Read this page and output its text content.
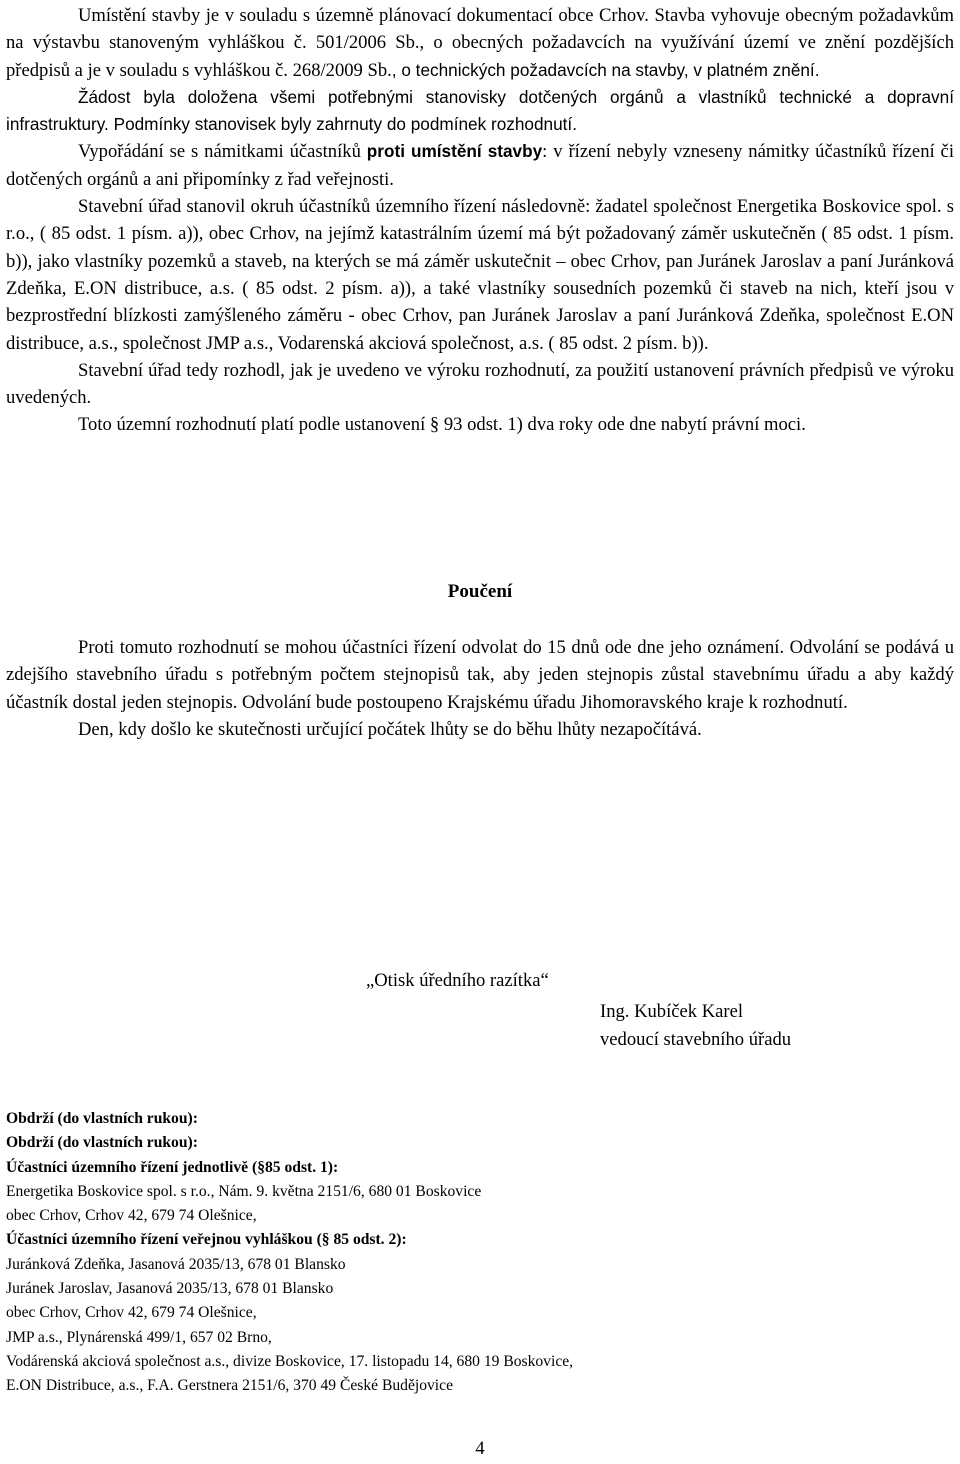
Umístění stavby je v souladu s územně plánovací dokumentací obce Crhov. Stavba vyhovuje obecným požadavkům na výstavbu stanoveným vyhláškou č. 501/2006 Sb., o obecných požadavcích na využívání území ve znění pozdějších předpisů a je v souladu s vyhláškou č. 268/2009 Sb., o technických požadavcích na stavby, v platném znění.

Žádost byla doložena všemi potřebnými stanovisky dotčených orgánů a vlastníků technické a dopravní infrastruktury. Podmínky stanovisek byly zahrnuty do podmínek rozhodnutí.

Vypořádání se s námitkami účastníků proti umístění stavby: v řízení nebyly vzneseny námitky účastníků řízení či dotčených orgánů a ani připomínky z řad veřejnosti.

Stavební úřad stanovil okruh účastníků územního řízení následovně: žadatel společnost Energetika Boskovice spol. s r.o., ( 85 odst. 1 písm. a)), obec Crhov, na jejímž katastrálním území má být požadovaný záměr uskutečněn ( 85 odst. 1 písm. b)), jako vlastníky pozemků a staveb, na kterých se má záměr uskutečnit – obec Crhov, pan Juránek Jaroslav a paní Juránková Zdeňka, E.ON distribuce, a.s. ( 85 odst. 2 písm. a)), a také vlastníky sousedních pozemků či staveb na nich, kteří jsou v bezprostřední blízkosti zamýšleného záměru - obec Crhov, pan Juránek Jaroslav a paní Juránková Zdeňka, společnost E.ON distribuce, a.s., společnost JMP a.s., Vodarenská akciová společnost, a.s. ( 85 odst. 2 písm. b)).

Stavební úřad tedy rozhodl, jak je uvedeno ve výroku rozhodnutí, za použití ustanovení právních předpisů ve výroku uvedených.

Toto územní rozhodnutí platí podle ustanovení § 93 odst. 1) dva roky ode dne nabytí právní moci.

Poučení

Proti tomuto rozhodnutí se mohou účastníci řízení odvolat do 15 dnů ode dne jeho oznámení. Odvolání se podává u zdejšího stavebního úřadu s potřebným počtem stejnopisů tak, aby jeden stejnopis zůstal stavebnímu úřadu a aby každý účastník dostal jeden stejnopis. Odvolání bude postoupeno Krajskému úřadu Jihomoravského kraje k rozhodnutí.

Den, kdy došlo ke skutečnosti určující počátek lhůty se do běhu lhůty nezapočítává.

„Otisk úředního razítka“
Ing. Kubíček Karel
vedoucí stavebního úřadu
Obdrží (do vlastních rukou):
Obdrží (do vlastních rukou):
Účastníci územního řízení jednotlivě (§85 odst. 1):
Energetika Boskovice spol. s r.o., Nám. 9. května 2151/6, 680 01 Boskovice
obec Crhov, Crhov 42, 679 74 Olešnice,
Účastníci územního řízení veřejnou vyhláškou (§ 85 odst. 2):
Juránková Zdeňka, Jasanová 2035/13, 678 01 Blansko
Juránek Jaroslav, Jasanová 2035/13, 678 01 Blansko
obec Crhov, Crhov 42, 679 74 Olešnice,
JMP a.s., Plynárenská 499/1, 657 02 Brno,
Vodárenská akciová společnost a.s., divize Boskovice, 17. listopadu 14, 680 19 Boskovice,
E.ON Distribuce, a.s., F.A. Gerstnera 2151/6, 370 49 České Budějovice
4
